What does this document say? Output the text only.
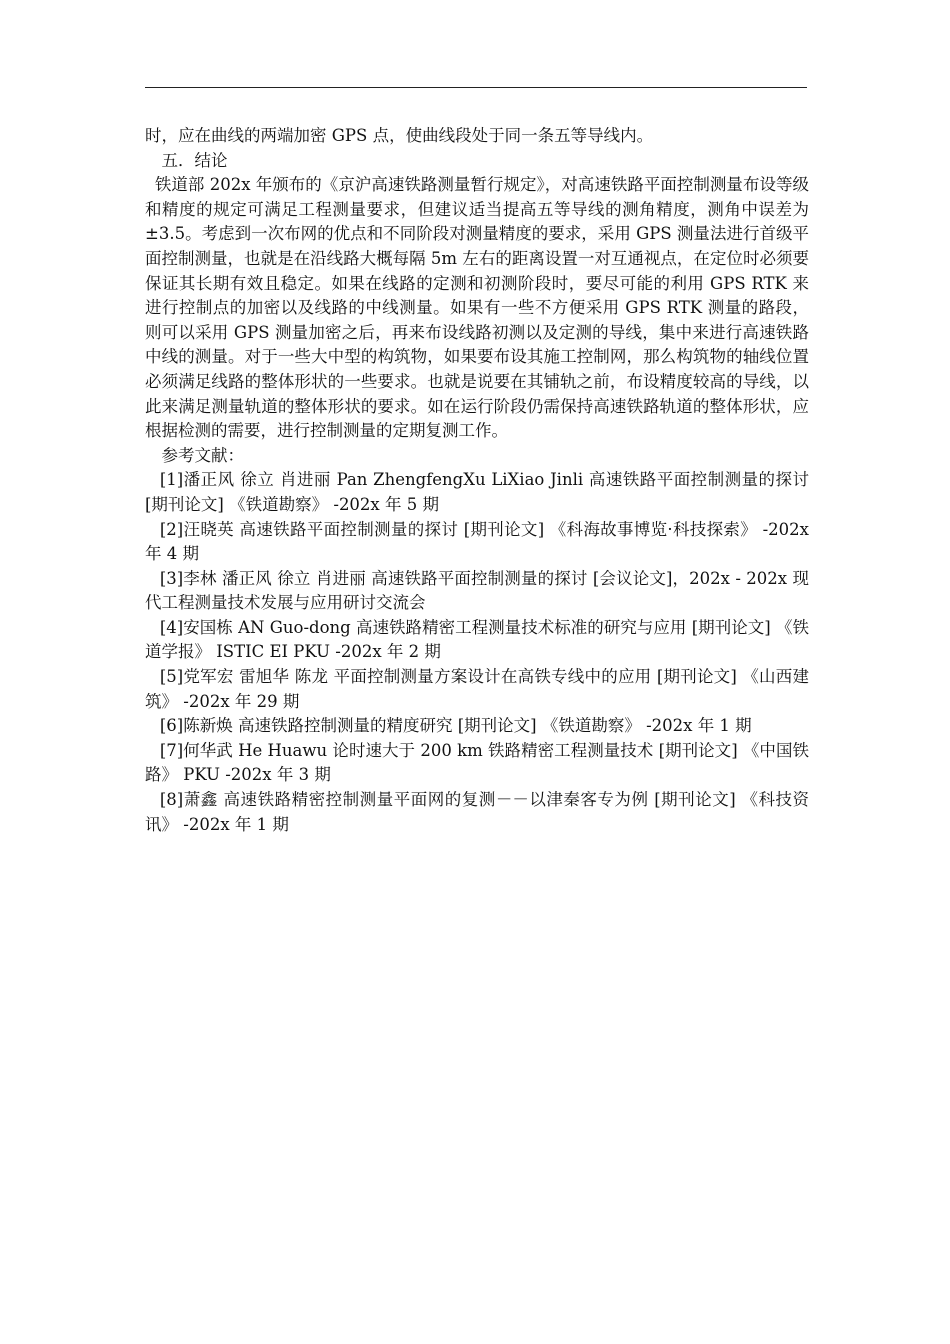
时，应在曲线的两端加密 GPS 点，使曲线段处于同一条五等导线内。

五．结论

铁道部 202x 年颁布的《京沪高速铁路测量暂行规定》，对高速铁路平面控制测量布设等级和精度的规定可满足工程测量要求，但建议适当提高五等导线的测角精度，测角中误差为±3.5。考虑到一次布网的优点和不同阶段对测量精度的要求，采用 GPS 测量法进行首级平面控制测量，也就是在沿线路大概每隔 5m 左右的距离设置一对互通视点，在定位时必须要保证其长期有效且稳定。如果在线路的定测和初测阶段时，要尽可能的利用 GPS RTK 来进行控制点的加密以及线路的中线测量。如果有一些不方便采用 GPS RTK 测量的路段，则可以采用 GPS 测量加密之后，再来布设线路初测以及定测的导线，集中来进行高速铁路中线的测量。对于一些大中型的构筑物，如果要布设其施工控制网，那么构筑物的轴线位置必须满足线路的整体形状的一些要求。也就是说要在其铺轨之前，布设精度较高的导线，以此来满足测量轨道的整体形状的要求。如在运行阶段仍需保持高速铁路轨道的整体形状，应根据检测的需要，进行控制测量的定期复测工作。

参考文献：

[1]潘正风 徐立 肖进丽 Pan ZhengfengXu LiXiao Jinli 高速铁路平面控制测量的探讨 [期刊论文] 《铁道勘察》 -202x 年 5 期

[2]汪晓英 高速铁路平面控制测量的探讨 [期刊论文] 《科海故事博览·科技探索》 -202x 年 4 期

[3]李林 潘正风 徐立 肖进丽 高速铁路平面控制测量的探讨 [会议论文]，202x - 202x 现代工程测量技术发展与应用研讨交流会

[4]安国栋 AN Guo-dong 高速铁路精密工程测量技术标准的研究与应用 [期刊论文] 《铁道学报》 ISTIC EI PKU -202x 年 2 期

[5]党军宏 雷旭华 陈龙 平面控制测量方案设计在高铁专线中的应用 [期刊论文] 《山西建筑》 -202x 年 29 期

[6]陈新焕 高速铁路控制测量的精度研究 [期刊论文] 《铁道勘察》 -202x 年 1 期

[7]何华武 He Huawu 论时速大于 200 km 铁路精密工程测量技术 [期刊论文] 《中国铁路》 PKU -202x 年 3 期

[8]萧鑫 高速铁路精密控制测量平面网的复测－－以津秦客专为例 [期刊论文] 《科技资讯》 -202x 年 1 期
